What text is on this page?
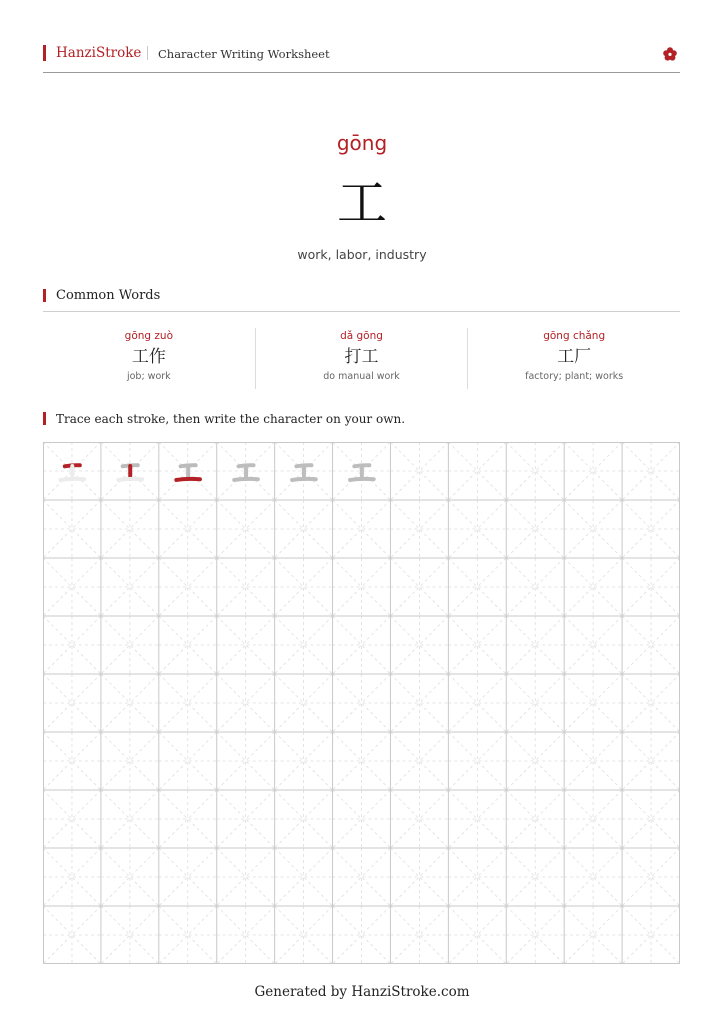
HanziStroke Character Writing Worksheet
gōng
工
work, labor, industry
Common Words
gōng zuò
工作
job; work
dǎ gōng
打工
do manual work
gōng chǎng
工厂
factory; plant; works
Trace each stroke, then write the character on your own.
Generated by HanziStroke.com
